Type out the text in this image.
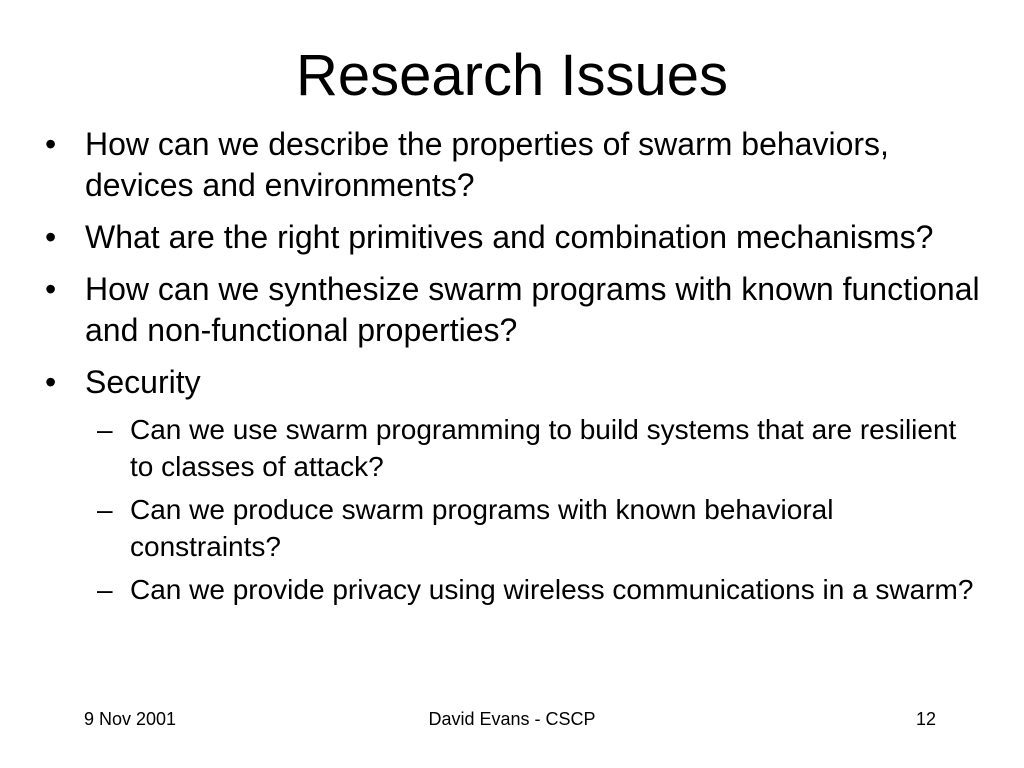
Research Issues
• How can we describe the properties of swarm behaviors, devices and environments?
• What are the right primitives and combination mechanisms?
• How can we synthesize swarm programs with known functional and non-functional properties?
• Security
– Can we use swarm programming to build systems that are resilient to classes of attack?
– Can we produce swarm programs with known behavioral constraints?
– Can we provide privacy using wireless communications in a swarm?
David Evans - CSCP
9 Nov 2001	12
